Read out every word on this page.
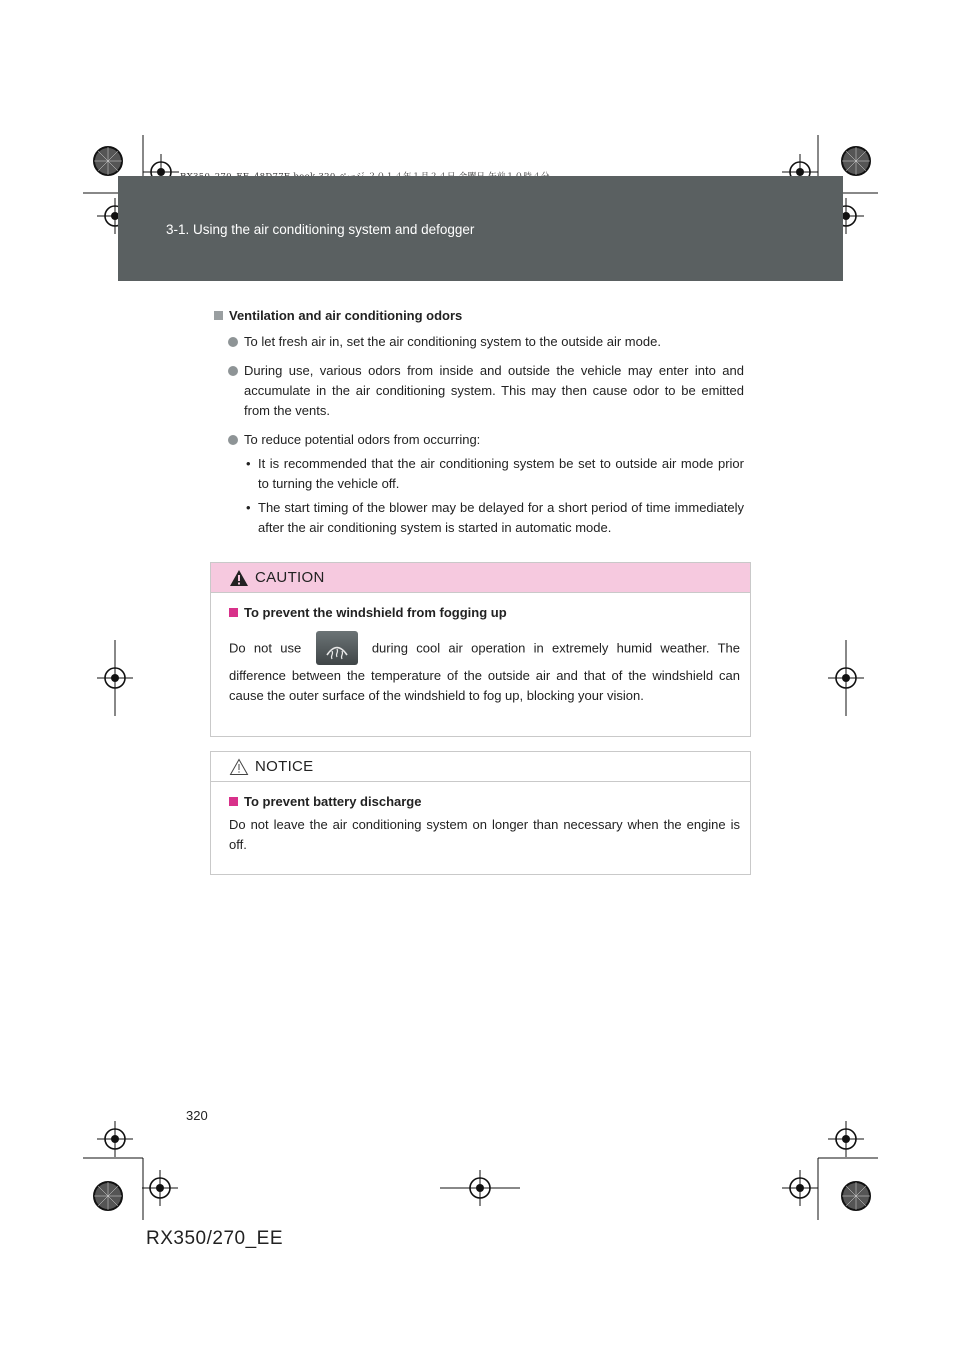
3-1. Using the air conditioning system and defogger
Ventilation and air conditioning odors
To let fresh air in, set the air conditioning system to the outside air mode.
During use, various odors from inside and outside the vehicle may enter into and accumulate in the air conditioning system. This may then cause odor to be emitted from the vents.
To reduce potential odors from occurring:
• It is recommended that the air conditioning system be set to outside air mode prior to turning the vehicle off.
• The start timing of the blower may be delayed for a short period of time immediately after the air conditioning system is started in automatic mode.
CAUTION
To prevent the windshield from fogging up
Do not use	during cool air operation in extremely humid weather. The difference between the temperature of the outside air and that of the windshield can cause the outer surface of the windshield to fog up, blocking your vision.
NOTICE
To prevent battery discharge
Do not leave the air conditioning system on longer than necessary when the engine is off.
320
RX350/270_EE
